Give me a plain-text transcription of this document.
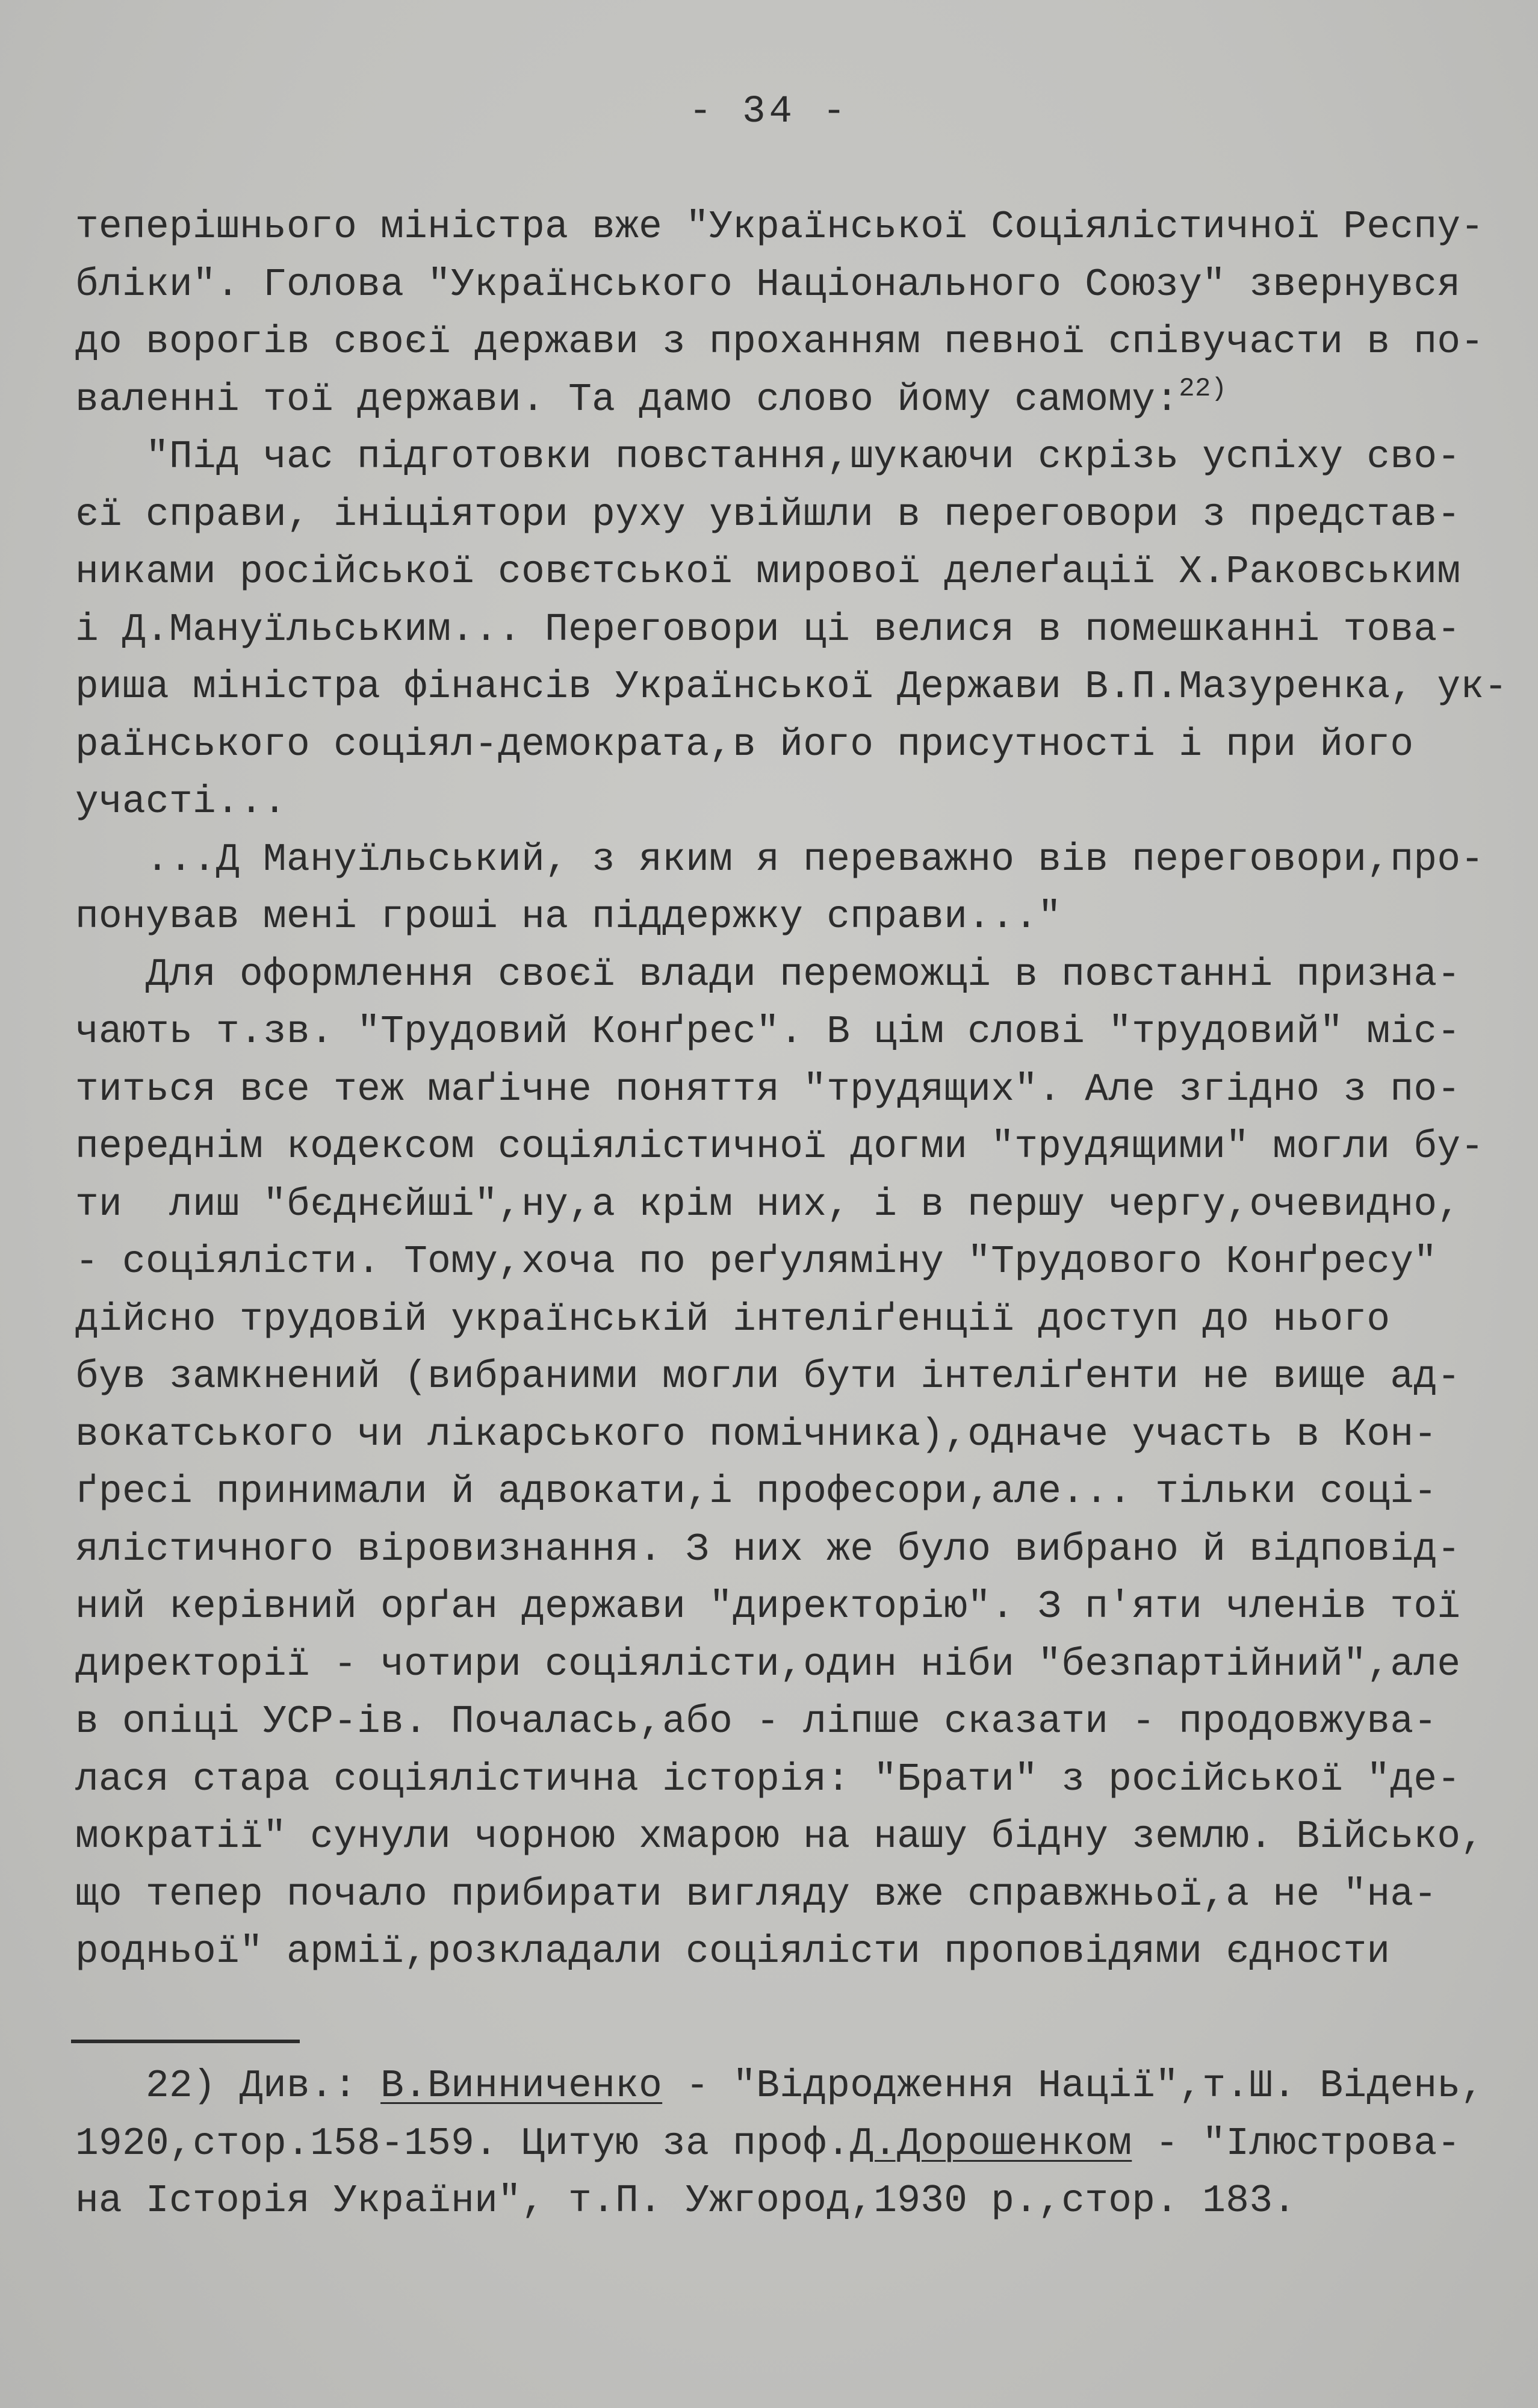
- 34 -
теперішнього міністра вже "Української Соціялістичної Респу-
бліки". Голова "Українського Національного Союзу" звернувся
до ворогів своєї держави з проханням певної співучасти в по-
валенні тої держави. Та дамо слово йому самому:$^{22)}$
"Під час підготовки повстання,шукаючи скрізь успіху сво-
єї справи, ініціятори руху увійшли в переговори з представ-
никами російської совєтської мирової делеґації Х.Раковським
і Д.Мануїльським... Переговори ці велися в помешканні това-
риша міністра фінансів Української Держави В.П.Мазуренка, ук-
раїнського соціял-демократа,в його присутності і при його
участі...
...Д Мануїльський, з яким я переважно вів переговори,про-
понував мені гроші на піддержку справи..."
Для оформлення своєї влади переможці в повстанні призна-
чають т.зв. "Трудовий Конґрес". В цім слові "трудовий" міс-
титься все теж маґічне поняття "трудящих". Але згідно з по-
переднім кодексом соціялістичної догми "трудящими" могли бу-
ти  лиш "бєднєйші",ну,а крім них, і в першу чергу,очевидно,
- соціялісти. Тому,хоча по реґуляміну "Трудового Конґресу"
дійсно трудовій українській інтеліґенції доступ до нього
був замкнений (вибраними могли бути інтеліґенти не вище ад-
вокатського чи лікарського помічника),одначе участь в Кон-
ґресі принимали й адвокати,і професори,але... тільки соці-
ялістичного віровизнання. З них же було вибрано й відповід-
ний керівний орґан держави "директорію". З п'яти членів тої
директорії - чотири соціялісти,один ніби "безпартійний",але
в опіці УСР-ів. Почалась,або - ліпше сказати - продовжува-
лася стара соціялістична історія: "Брати" з російської "де-
мократії" сунули чорною хмарою на нашу бідну землю. Військо,
що тепер почало прибирати вигляду вже справжньої,а не "на-
родньої" армії,розкладали соціялісти проповідями єдности
22) Див.: В.Винниченко - "Відродження Нації",т.Ш. Відень,
1920,стор.158-159. Цитую за проф.Д.Дорошенком - "Ілюстрова-
на Історія України", т.П. Ужгород,1930 р.,стор. 183.
